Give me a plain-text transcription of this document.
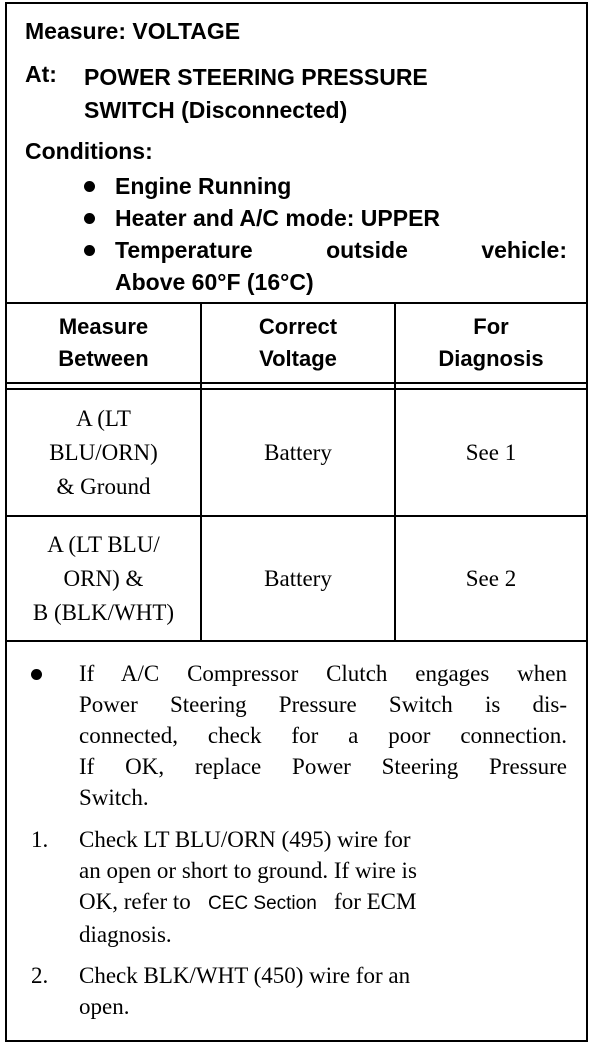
Measure: VOLTAGE
At: POWER STEERING PRESSURE
SWITCH (Disconnected)
Conditions:
Engine Running
Heater and A/C mode: UPPER
Temperature outside vehicle:
Above 60°F (16°C)
Measure
Between
Correct
Voltage
For
Diagnosis
A (LT
BLU/ORN)
& Ground
Battery	See 1
A (LT BLU/
ORN) &
B (BLK/WHT)
Battery	See 2
If A/C Compressor Clutch engages when
Power Steering Pressure Switch is dis-
connected, check for a poor connection.
If OK, replace Power Steering Pressure
Switch.
1. Check LT BLU/ORN (495) wire for
an open or short to ground. If wire is
OK, refer to CEC Section for ECM
diagnosis.
2. Check BLK/WHT (450) wire for an
open.
